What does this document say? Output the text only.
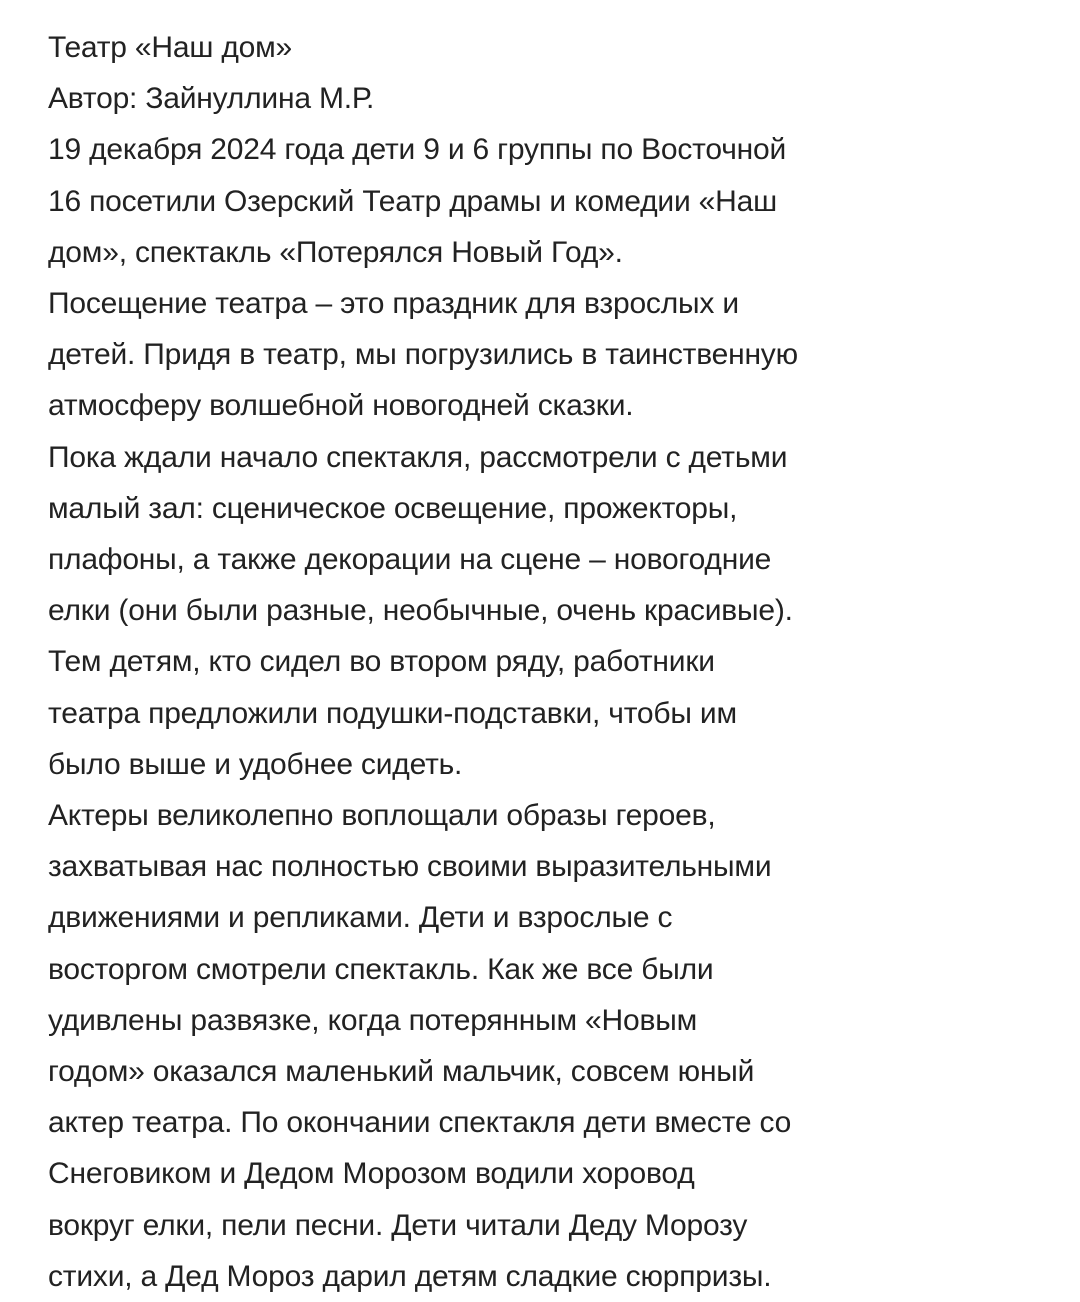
Театр «Наш дом»
Автор: Зайнуллина М.Р.
19 декабря 2024 года дети 9 и 6 группы по Восточной
16 посетили Озерский Театр драмы и комедии «Наш
дом», спектакль «Потерялся Новый Год».
Посещение театра – это праздник для взрослых и
детей. Придя в театр, мы погрузились в таинственную
атмосферу волшебной новогодней сказки.
Пока ждали начало спектакля, рассмотрели с детьми
малый зал: сценическое освещение, прожекторы,
плафоны, а также декорации на сцене – новогодние
елки (они были разные, необычные, очень красивые).
Тем детям, кто сидел во втором ряду, работники
театра предложили подушки-подставки, чтобы им
было выше и удобнее сидеть.
Актеры великолепно воплощали образы героев,
захватывая нас полностью своими выразительными
движениями и репликами. Дети и взрослые с
восторгом смотрели спектакль. Как же все были
удивлены развязке, когда потерянным «Новым
годом» оказался маленький мальчик, совсем юный
актер театра. По окончании спектакля дети вместе со
Снеговиком и Дедом Морозом водили хоровод
вокруг елки, пели песни. Дети читали Деду Морозу
стихи, а Дед Мороз дарил детям сладкие сюрпризы.
